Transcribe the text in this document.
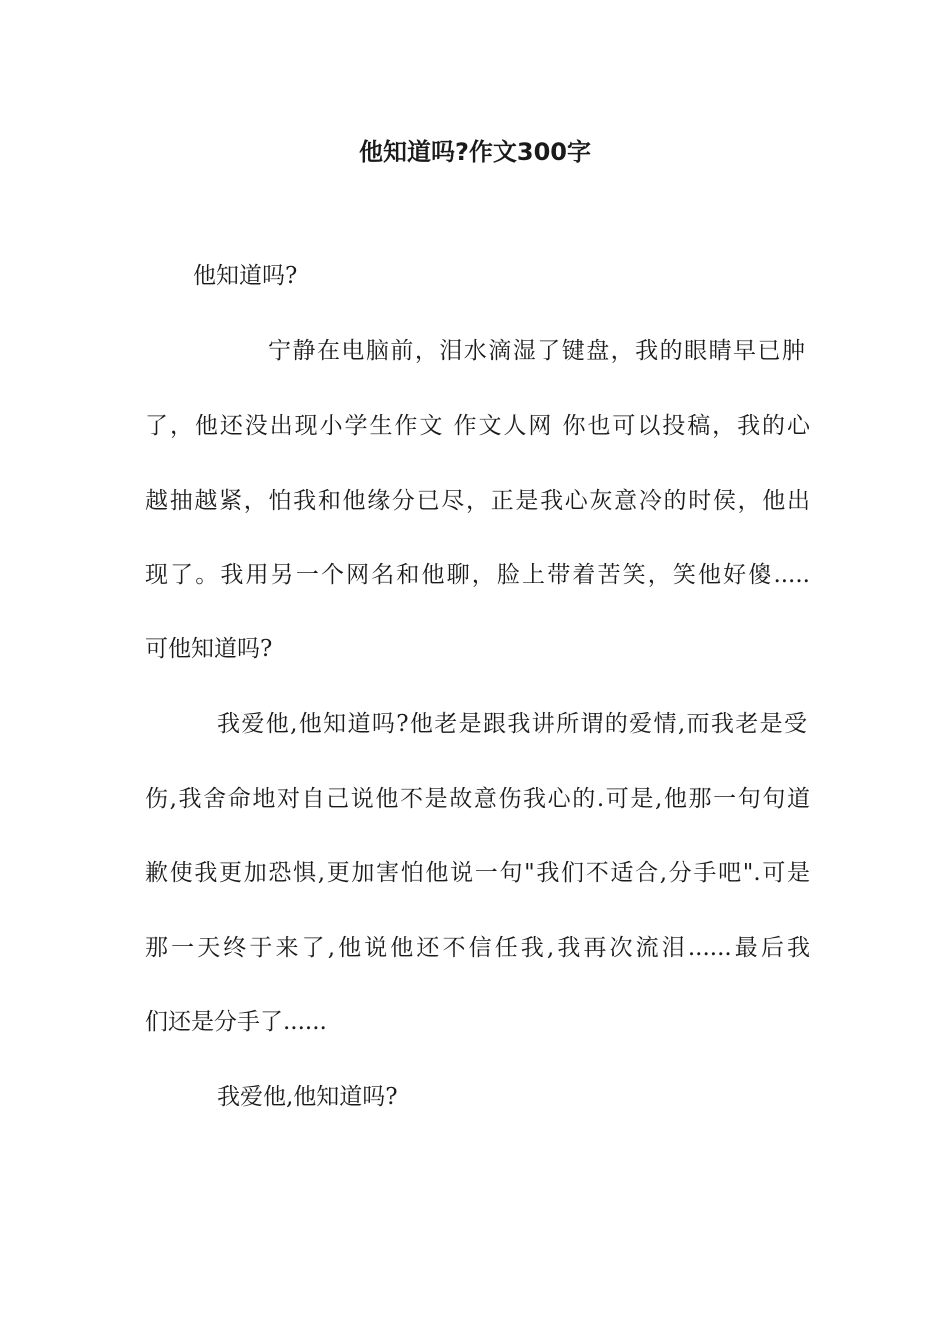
他知道吗?作文300字

他知道吗?

宁静在电脑前，泪水滴湿了键盘，我的眼睛早已肿

了，他还没出现小学生作文 作文人网 你也可以投稿，我的心

越抽越紧，怕我和他缘分已尽，正是我心灰意冷的时侯，他出

现了。我用另一个网名和他聊，脸上带着苦笑，笑他好傻.....

可他知道吗?

我爱他,他知道吗?他老是跟我讲所谓的爱情,而我老是受

伤,我舍命地对自己说他不是故意伤我心的.可是,他那一句句道

歉使我更加恐惧,更加害怕他说一句"我们不适合,分手吧".可是

那一天终于来了,他说他还不信任我,我再次流泪......最后我

们还是分手了......

我爱他,他知道吗?
